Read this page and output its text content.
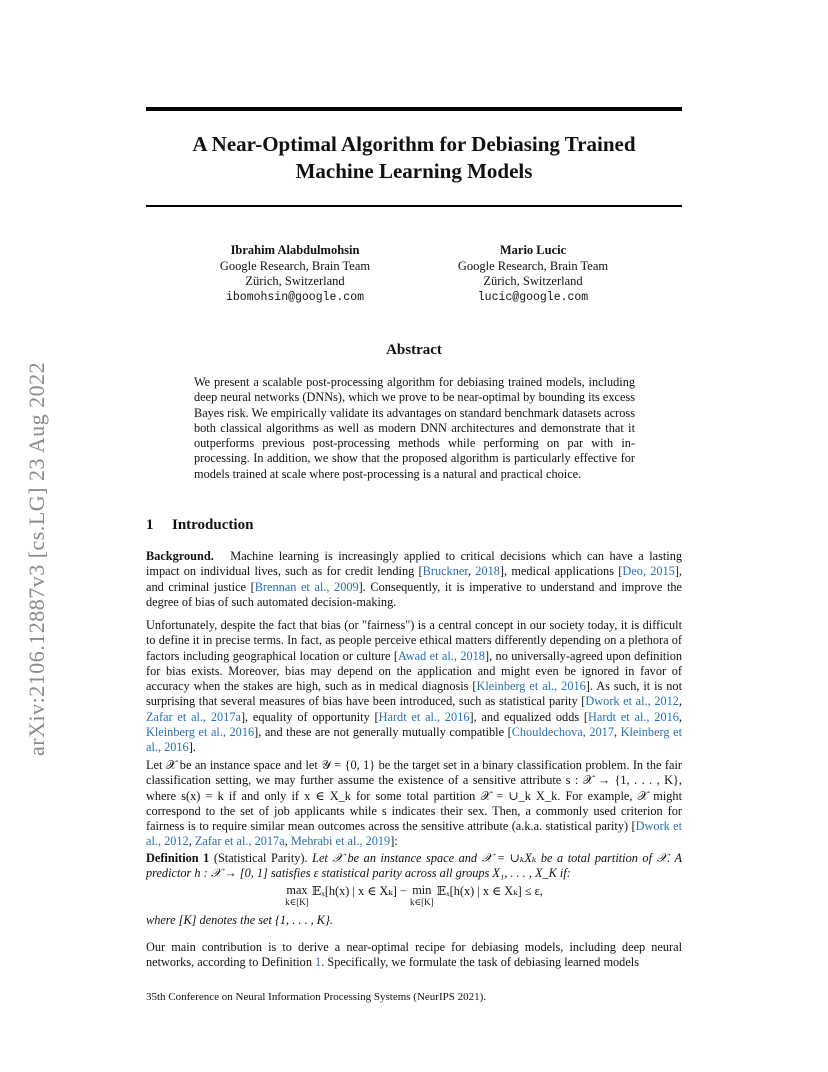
arXiv:2106.12887v3 [cs.LG] 23 Aug 2022
A Near-Optimal Algorithm for Debiasing Trained
Machine Learning Models
Ibrahim Alabdulmohsin
Google Research, Brain Team
Zürich, Switzerland
ibomohsin@google.com
Mario Lucic
Google Research, Brain Team
Zürich, Switzerland
lucic@google.com
Abstract

We present a scalable post-processing algorithm for debiasing trained models, including deep neural networks (DNNs), which we prove to be near-optimal by bounding its excess Bayes risk. We empirically validate its advantages on standard benchmark datasets across both classical algorithms as well as modern DNN architectures and demonstrate that it outperforms previous post-processing methods while performing on par with in-processing. In addition, we show that the proposed algorithm is particularly effective for models trained at scale where post-processing is a natural and practical choice.

1 Introduction

Background. Machine learning is increasingly applied to critical decisions which can have a lasting impact on individual lives, such as for credit lending [Bruckner, 2018], medical applications [Deo, 2015], and criminal justice [Brennan et al., 2009]. Consequently, it is imperative to understand and improve the degree of bias of such automated decision-making.

Unfortunately, despite the fact that bias (or "fairness") is a central concept in our society today, it is difficult to define it in precise terms. In fact, as people perceive ethical matters differently depending on a plethora of factors including geographical location or culture [Awad et al., 2018], no universally-agreed upon definition for bias exists. Moreover, bias may depend on the application and might even be ignored in favor of accuracy when the stakes are high, such as in medical diagnosis [Kleinberg et al., 2016]. As such, it is not surprising that several measures of bias have been introduced, such as statistical parity [Dwork et al., 2012, Zafar et al., 2017a], equality of opportunity [Hardt et al., 2016], and equalized odds [Hardt et al., 2016, Kleinberg et al., 2016], and these are not generally mutually compatible [Chouldechova, 2017, Kleinberg et al., 2016].

Let 𝒳 be an instance space and let 𝒴 = {0, 1} be the target set in a binary classification problem. In the fair classification setting, we may further assume the existence of a sensitive attribute s : 𝒳 → {1, . . . , K}, where s(x) = k if and only if x ∈ X_k for some total partition 𝒳 = ∪_k X_k. For example, 𝒳 might correspond to the set of job applicants while s indicates their sex. Then, a commonly used criterion for fairness is to require similar mean outcomes across the sensitive attribute (a.k.a. statistical parity) [Dwork et al., 2012, Zafar et al., 2017a, Mehrabi et al., 2019]:

Definition 1 (Statistical Parity). Let 𝒳 be an instance space and 𝒳 = ∪ₖXₖ be a total partition of 𝒳. A predictor h : 𝒳 → [0, 1] satisfies ε statistical parity across all groups X₁, . . . , X_K if:

max
k∈[K]
𝔼ₓ[h(x) | x ∈ Xₖ] − min
k∈[K]
𝔼ₓ[h(x) | x ∈ Xₖ] ≤ ε,

where [K] denotes the set {1, . . . , K}.

Our main contribution is to derive a near-optimal recipe for debiasing models, including deep neural networks, according to Definition 1. Specifically, we formulate the task of debiasing learned models

35th Conference on Neural Information Processing Systems (NeurIPS 2021).
